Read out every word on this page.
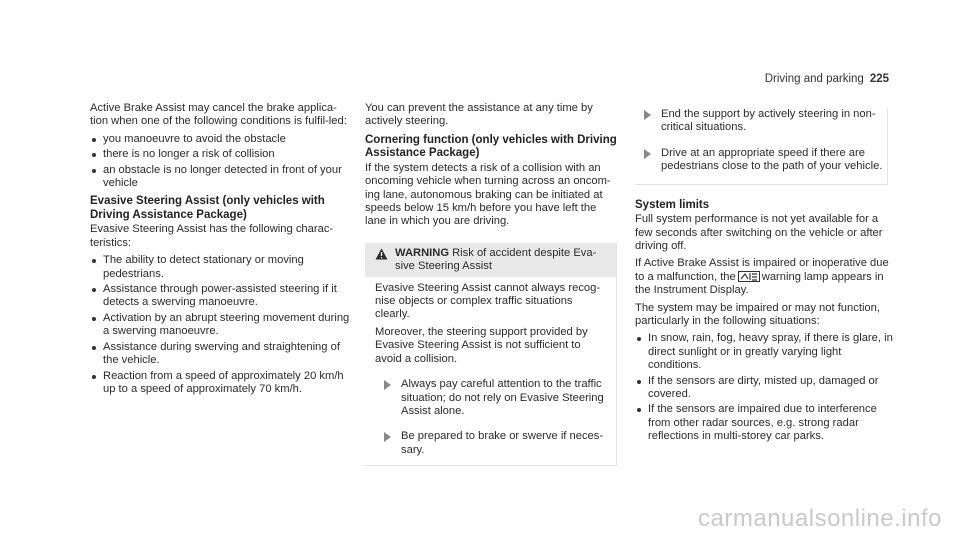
Driving and parking 225

Active Brake Assist may cancel the brake applica-tion when one of the following conditions is fulfil-led:

you manoeuvre to avoid the obstacle
there is no longer a risk of collision
an obstacle is no longer detected in front of your vehicle
Evasive Steering Assist (only vehicles with Driving Assistance Package)

Evasive Steering Assist has the following charac-teristics:

The ability to detect stationary or moving pedestrians.
Assistance through power-assisted steering if it detects a swerving manoeuvre.
Activation by an abrupt steering movement during a swerving manoeuvre.
Assistance during swerving and straightening of the vehicle.
Reaction from a speed of approximately 20 km/h up to a speed of approximately 70 km/h.

You can prevent the assistance at any time by actively steering.

Cornering function (only vehicles with Driving Assistance Package)

If the system detects a risk of a collision with an oncoming vehicle when turning across an oncom-ing lane, autonomous braking can be initiated at speeds below 15 km/h before you have left the lane in which you are driving.

WARNING Risk of accident despite Eva-sive Steering Assist

Evasive Steering Assist cannot always recog-nise objects or complex traffic situations clearly.

Moreover, the steering support provided by Evasive Steering Assist is not sufficient to avoid a collision.

Always pay careful attention to the traffic situation; do not rely on Evasive Steering Assist alone.
Be prepared to brake or swerve if neces-sary.
End the support by actively steering in non-critical situations.
Drive at an appropriate speed if there are pedestrians close to the path of your vehicle.
System limits

Full system performance is not yet available for a few seconds after switching on the vehicle or after driving off.

If Active Brake Assist is impaired or inoperative due to a malfunction, the warning lamp appears in the Instrument Display.

The system may be impaired or may not function, particularly in the following situations:

In snow, rain, fog, heavy spray, if there is glare, in direct sunlight or in greatly varying light conditions.
If the sensors are dirty, misted up, damaged or covered.
If the sensors are impaired due to interference from other radar sources, e.g. strong radar reflections in multi-storey car parks.
carmanualsonline.info
